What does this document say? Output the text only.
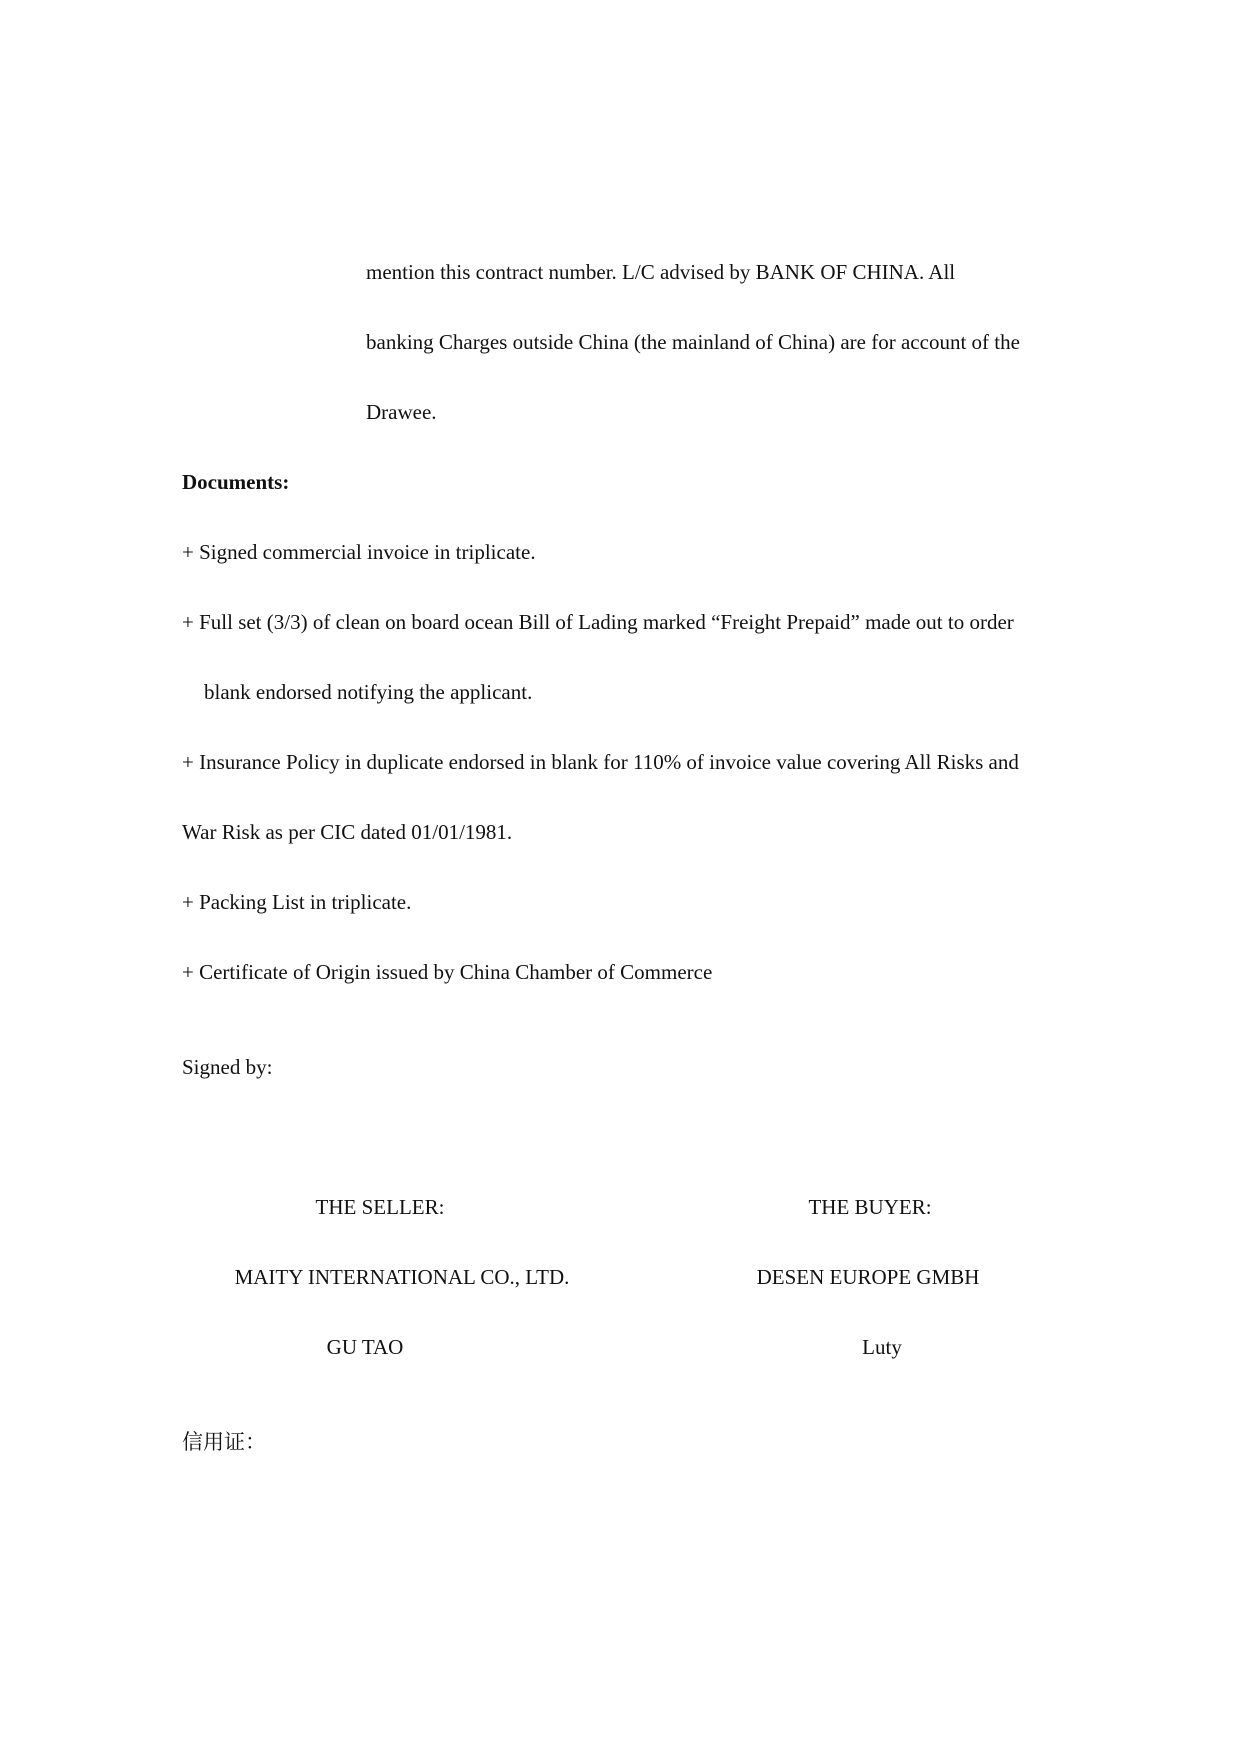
mention this contract number. L/C advised by BANK OF CHINA. All
banking Charges outside China (the mainland of China) are for account of the
Drawee.
Documents:
+ Signed commercial invoice in triplicate.
+ Full set (3/3) of clean on board ocean Bill of Lading marked “Freight Prepaid” made out to order
blank endorsed notifying the applicant.
+ Insurance Policy in duplicate endorsed in blank for 110% of invoice value covering All Risks and
War Risk as per CIC dated 01/01/1981.
+ Packing List in triplicate.
+ Certificate of Origin issued by China Chamber of Commerce
Signed by:
THE SELLER:
MAITY INTERNATIONAL CO., LTD.
GU TAO
THE BUYER:
DESEN EUROPE GMBH
Luty
信用证：
